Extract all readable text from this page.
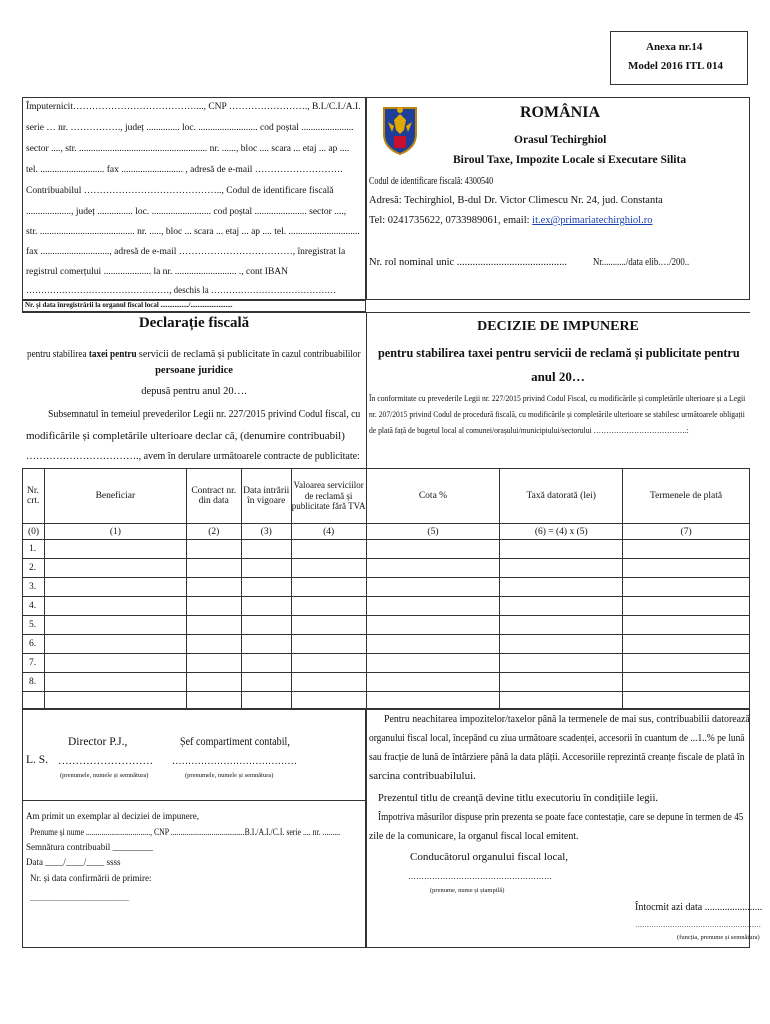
Anexa nr.14
Model 2016 ITL 014
Împuternicit…………………………………..., CNP ……………………., B.I./C.I./A.I.
serie … nr. ……………., județ .............. loc. ......................... cod poștal ......................
sector ...., str. ...................................................... nr. ......, bloc .... scara ... etaj ... ap ....
tel. ........................... fax .......................... , adresă de e-mail ……………………….
Contribuabilul …………………………………….., Codul de identificare fiscală
..................., județ ............... loc. ......................... cod poștal ...................... sector ....,
str. ........................................ nr. ....., bloc ... scara ... etaj ... ap .... tel. ..............................
fax ............................., adresă de e-mail ………………………………, înregistrat la
registrul comerțului .................... la nr. .......................... ., cont IBAN
…………………………………………, deschis la ……………………………………
Nr. și data înregistrării la organul fiscal local ................/........................
ROMÂNIA
Orasul Techirghiol
Biroul Taxe, Impozite Locale si Executare Silita
Codul de identificare fiscală: 4300540
Adresă: Techirghiol, B-dul Dr. Victor Climescu Nr. 24, jud. Constanta
Tel: 0241735622, 0733989061, email: it.ex@primariatechirghiol.ro
Nr. rol nominal unic .......................................... Nr.........../data elib.…/200..
Declarație fiscală
pentru stabilirea taxei pentru servicii de reclamă și publicitate în cazul contribuabililor
persoane juridice
depusă pentru anul 20….
Subsemnatul în temeiul prevederilor Legii nr. 227/2015 privind Codul fiscal, cu
modificările și completările ulterioare declar că, (denumire contribuabil)
……………………………., avem în derulare următoarele contracte de publicitate:
DECIZIE DE IMPUNERE
pentru stabilirea taxei pentru servicii de reclamă și publicitate pentru
anul 20…
În conformitate cu prevederile Legii nr. 227/2015 privind Codul Fiscal, cu modificările și completările ulterioare și a Legii
nr. 207/2015 privind Codul de procedură fiscală, cu modificările și completările ulterioare se stabilesc următoarele obligații
de plată față de bugetul local al comunei/orașului/municipiului/sectorului ……………………………….:
Nr. crt.	Beneficiar	Contract nr. din data	Data intrării în vigoare	Valoarea serviciilor de reclamă și publicitate fără TVA	Cota %	Taxă datorată (lei)	Termenele de plată
(0)	(1)	(2)	(3)	(4)	(5)	(6) = (4) x (5)	(7)
1.							
2.							
3.							
4.							
5.							
6.							
7.							
8.							

Director P.J.,	Șef compartiment contabil,
L. S. ……………………… …………………………………
(prenumele, numele și semnătura)	(prenumele, numele și semnătura)
Am primit un exemplar al deciziei de impunere,
Prenume și nume ................................., CNP ......................................B.I./A.I./C.I. serie .... nr. .........
Semnătura contribuabil _________
Data ____/____/____ ssss
Nr. și data confirmării de primire:
______________________
Pentru neachitarea impozitelor/taxelor până la termenele de mai sus, contribuabilii datorează
organului fiscal local, începând cu ziua următoare scadenței, accesorii în cuantum de ...1..% pe lună
sau fracție de lună de întârziere până la data plății. Accesoriile reprezintă creanțe fiscale de plată în
sarcina contribuabilului.
Prezentul titlu de creanță devine titlu executoriu în condițiile legii.
Împotriva măsurilor dispuse prin prezenta se poate face contestație, care se depune în termen de 45
zile de la comunicare, la organul fiscal local emitent.
Conducătorul organului fiscal local,
………………………………………………
(prenume, nume și ștampilă)
Întocmit azi data .......................
………………………………………………
(funcția, prenume și semnătura)
